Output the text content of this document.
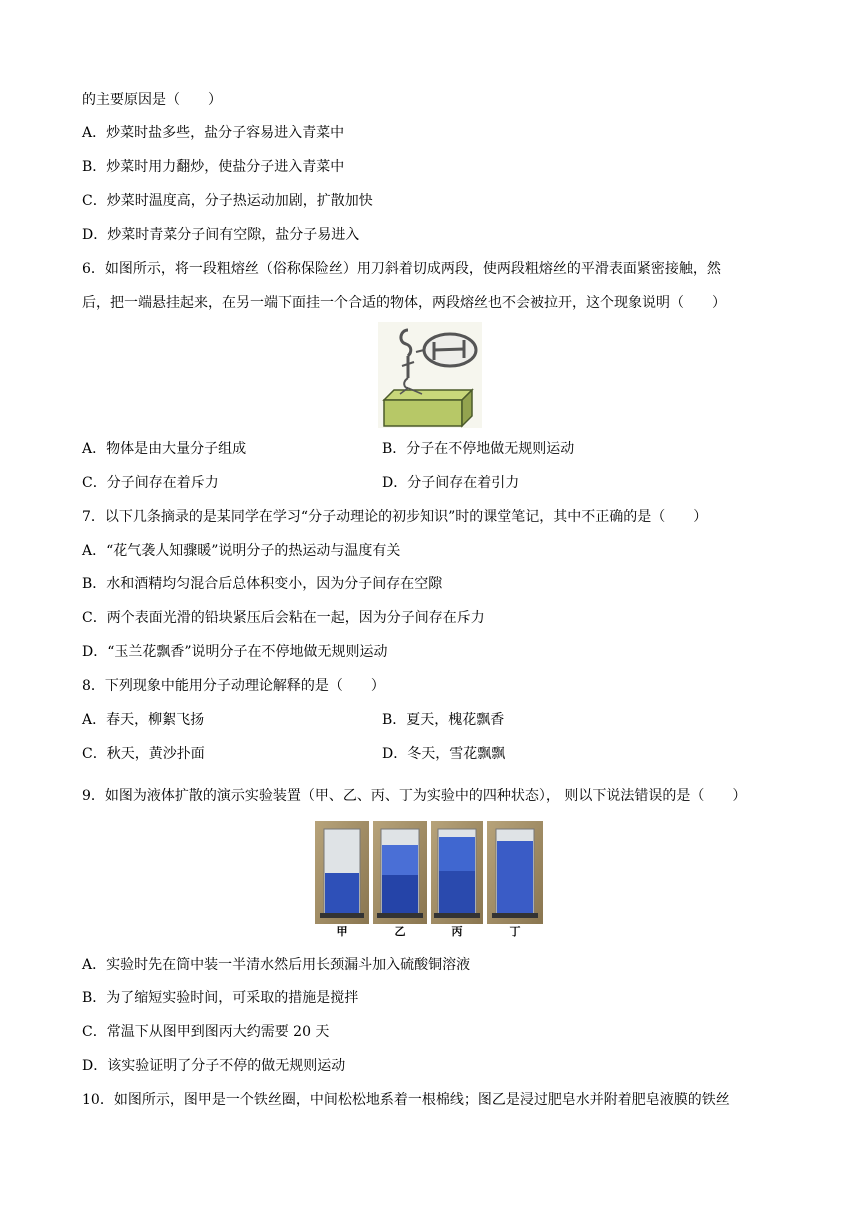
的主要原因是（　　）
A．炒菜时盐多些，盐分子容易进入青菜中
B．炒菜时用力翻炒，使盐分子进入青菜中
C．炒菜时温度高，分子热运动加剧，扩散加快
D．炒菜时青菜分子间有空隙，盐分子易进入
6．如图所示，将一段粗熔丝（俗称保险丝）用刀斜着切成两段，使两段粗熔丝的平滑表面紧密接触，然
后，把一端悬挂起来，在另一端下面挂一个合适的物体，两段熔丝也不会被拉开，这个现象说明（　　）
A．物体是由大量分子组成	B．分子在不停地做无规则运动
C．分子间存在着斥力	D．分子间存在着引力
7．以下几条摘录的是某同学在学习“分子动理论的初步知识”时的课堂笔记，其中不正确的是（　　）
A．“花气袭人知骤暖”说明分子的热运动与温度有关
B．水和酒精均匀混合后总体积变小，因为分子间存在空隙
C．两个表面光滑的铅块紧压后会粘在一起，因为分子间存在斥力
D．“玉兰花飘香”说明分子在不停地做无规则运动
8．下列现象中能用分子动理论解释的是（　　）
A．春天，柳絮飞扬	B．夏天，槐花飘香
C．秋天，黄沙扑面	D．冬天，雪花飘飘
9．如图为液体扩散的演示实验装置（甲、乙、丙、丁为实验中的四种状态）， 则以下说法错误的是（　　）
甲	乙	丙	丁
A．实验时先在筒中装一半清水然后用长颈漏斗加入硫酸铜溶液
B．为了缩短实验时间，可采取的措施是搅拌
C．常温下从图甲到图丙大约需要 20 天
D．该实验证明了分子不停的做无规则运动
10．如图所示，图甲是一个铁丝圈，中间松松地系着一根棉线；图乙是浸过肥皂水并附着肥皂液膜的铁丝
